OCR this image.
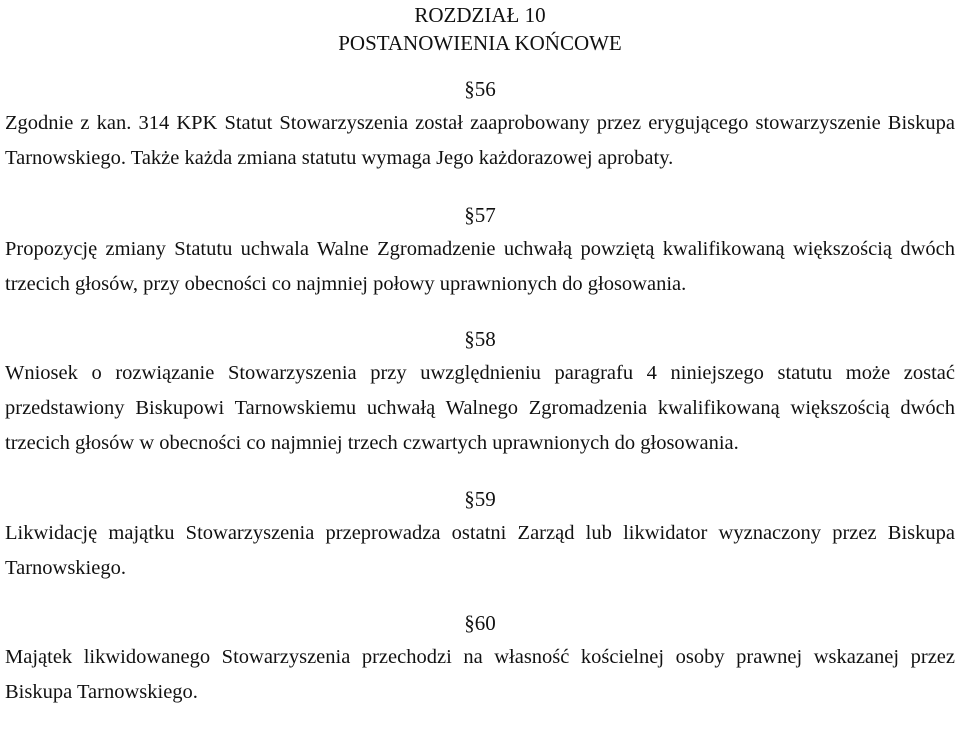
ROZDZIAŁ 10

POSTANOWIENIA KOŃCOWE

§56

Zgodnie z kan. 314 KPK Statut Stowarzyszenia został zaaprobowany przez erygującego stowarzyszenie Biskupa Tarnowskiego. Także każda zmiana statutu wymaga Jego każdorazowej aprobaty.

§57

Propozycję zmiany Statutu uchwala Walne Zgromadzenie uchwałą powziętą kwalifikowaną większością dwóch trzecich głosów, przy obecności co najmniej połowy uprawnionych do głosowania.

§58

Wniosek o rozwiązanie Stowarzyszenia przy uwzględnieniu paragrafu 4 niniejszego statutu może zostać przedstawiony Biskupowi Tarnowskiemu uchwałą Walnego Zgromadzenia kwalifikowaną większością dwóch trzecich głosów w obecności co najmniej trzech czwartych uprawnionych do głosowania.

§59

Likwidację majątku Stowarzyszenia przeprowadza ostatni Zarząd lub likwidator wyznaczony przez Biskupa Tarnowskiego.

§60

Majątek likwidowanego Stowarzyszenia przechodzi na własność kościelnej osoby prawnej wskazanej przez Biskupa Tarnowskiego.
